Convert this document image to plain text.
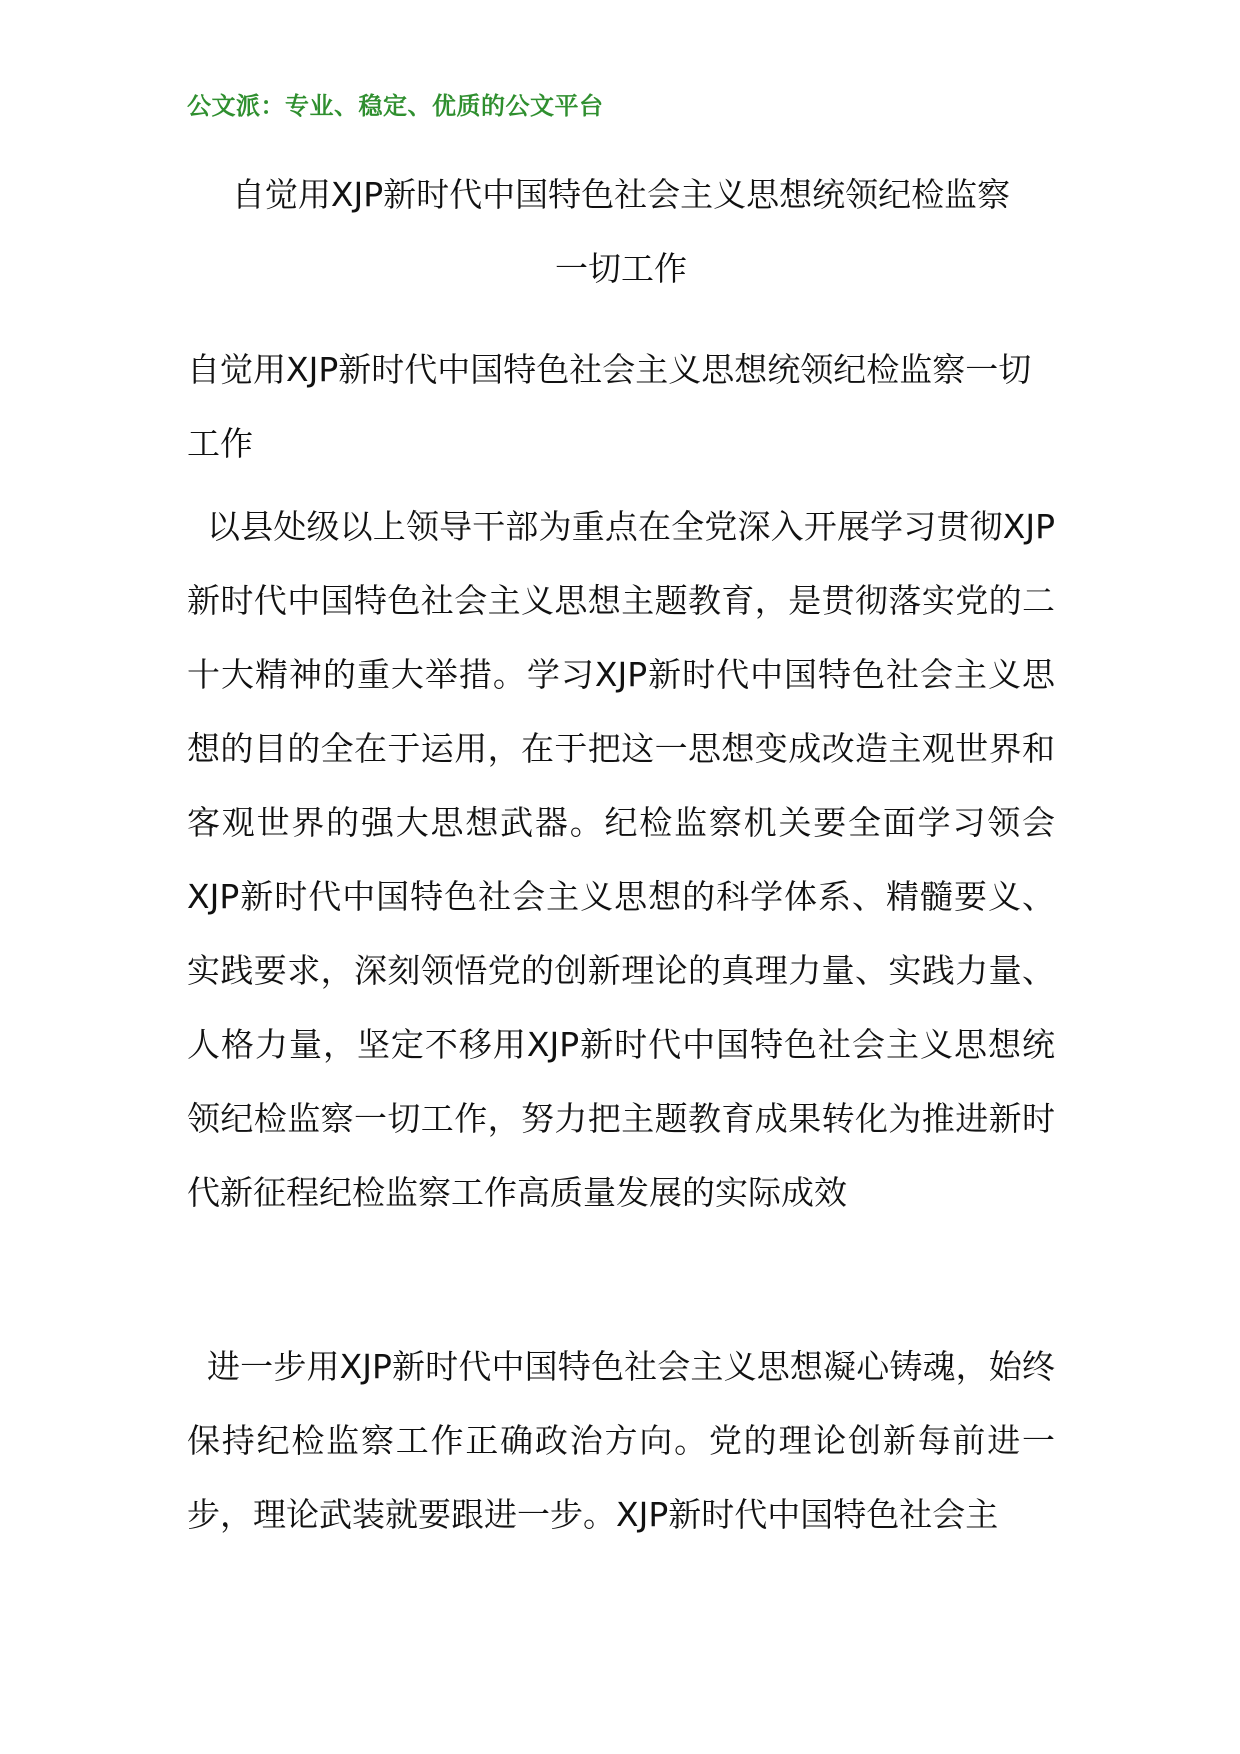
公文派：专业、稳定、优质的公文平台
自觉用XJP新时代中国特色社会主义思想统领纪检监察
一切工作
自觉用XJP新时代中国特色社会主义思想统领纪检监察一切工作
以县处级以上领导干部为重点在全党深入开展学习贯彻XJP新时代中国特色社会主义思想主题教育，是贯彻落实党的二十大精神的重大举措。学习XJP新时代中国特色社会主义思想的目的全在于运用，在于把这一思想变成改造主观世界和客观世界的强大思想武器。纪检监察机关要全面学习领会XJP新时代中国特色社会主义思想的科学体系、精髓要义、实践要求，深刻领悟党的创新理论的真理力量、实践力量、人格力量，坚定不移用XJP新时代中国特色社会主义思想统领纪检监察一切工作，努力把主题教育成果转化为推进新时代新征程纪检监察工作高质量发展的实际成效
进一步用XJP新时代中国特色社会主义思想凝心铸魂，始终保持纪检监察工作正确政治方向。党的理论创新每前进一步，理论武装就要跟进一步。XJP新时代中国特色社会主
